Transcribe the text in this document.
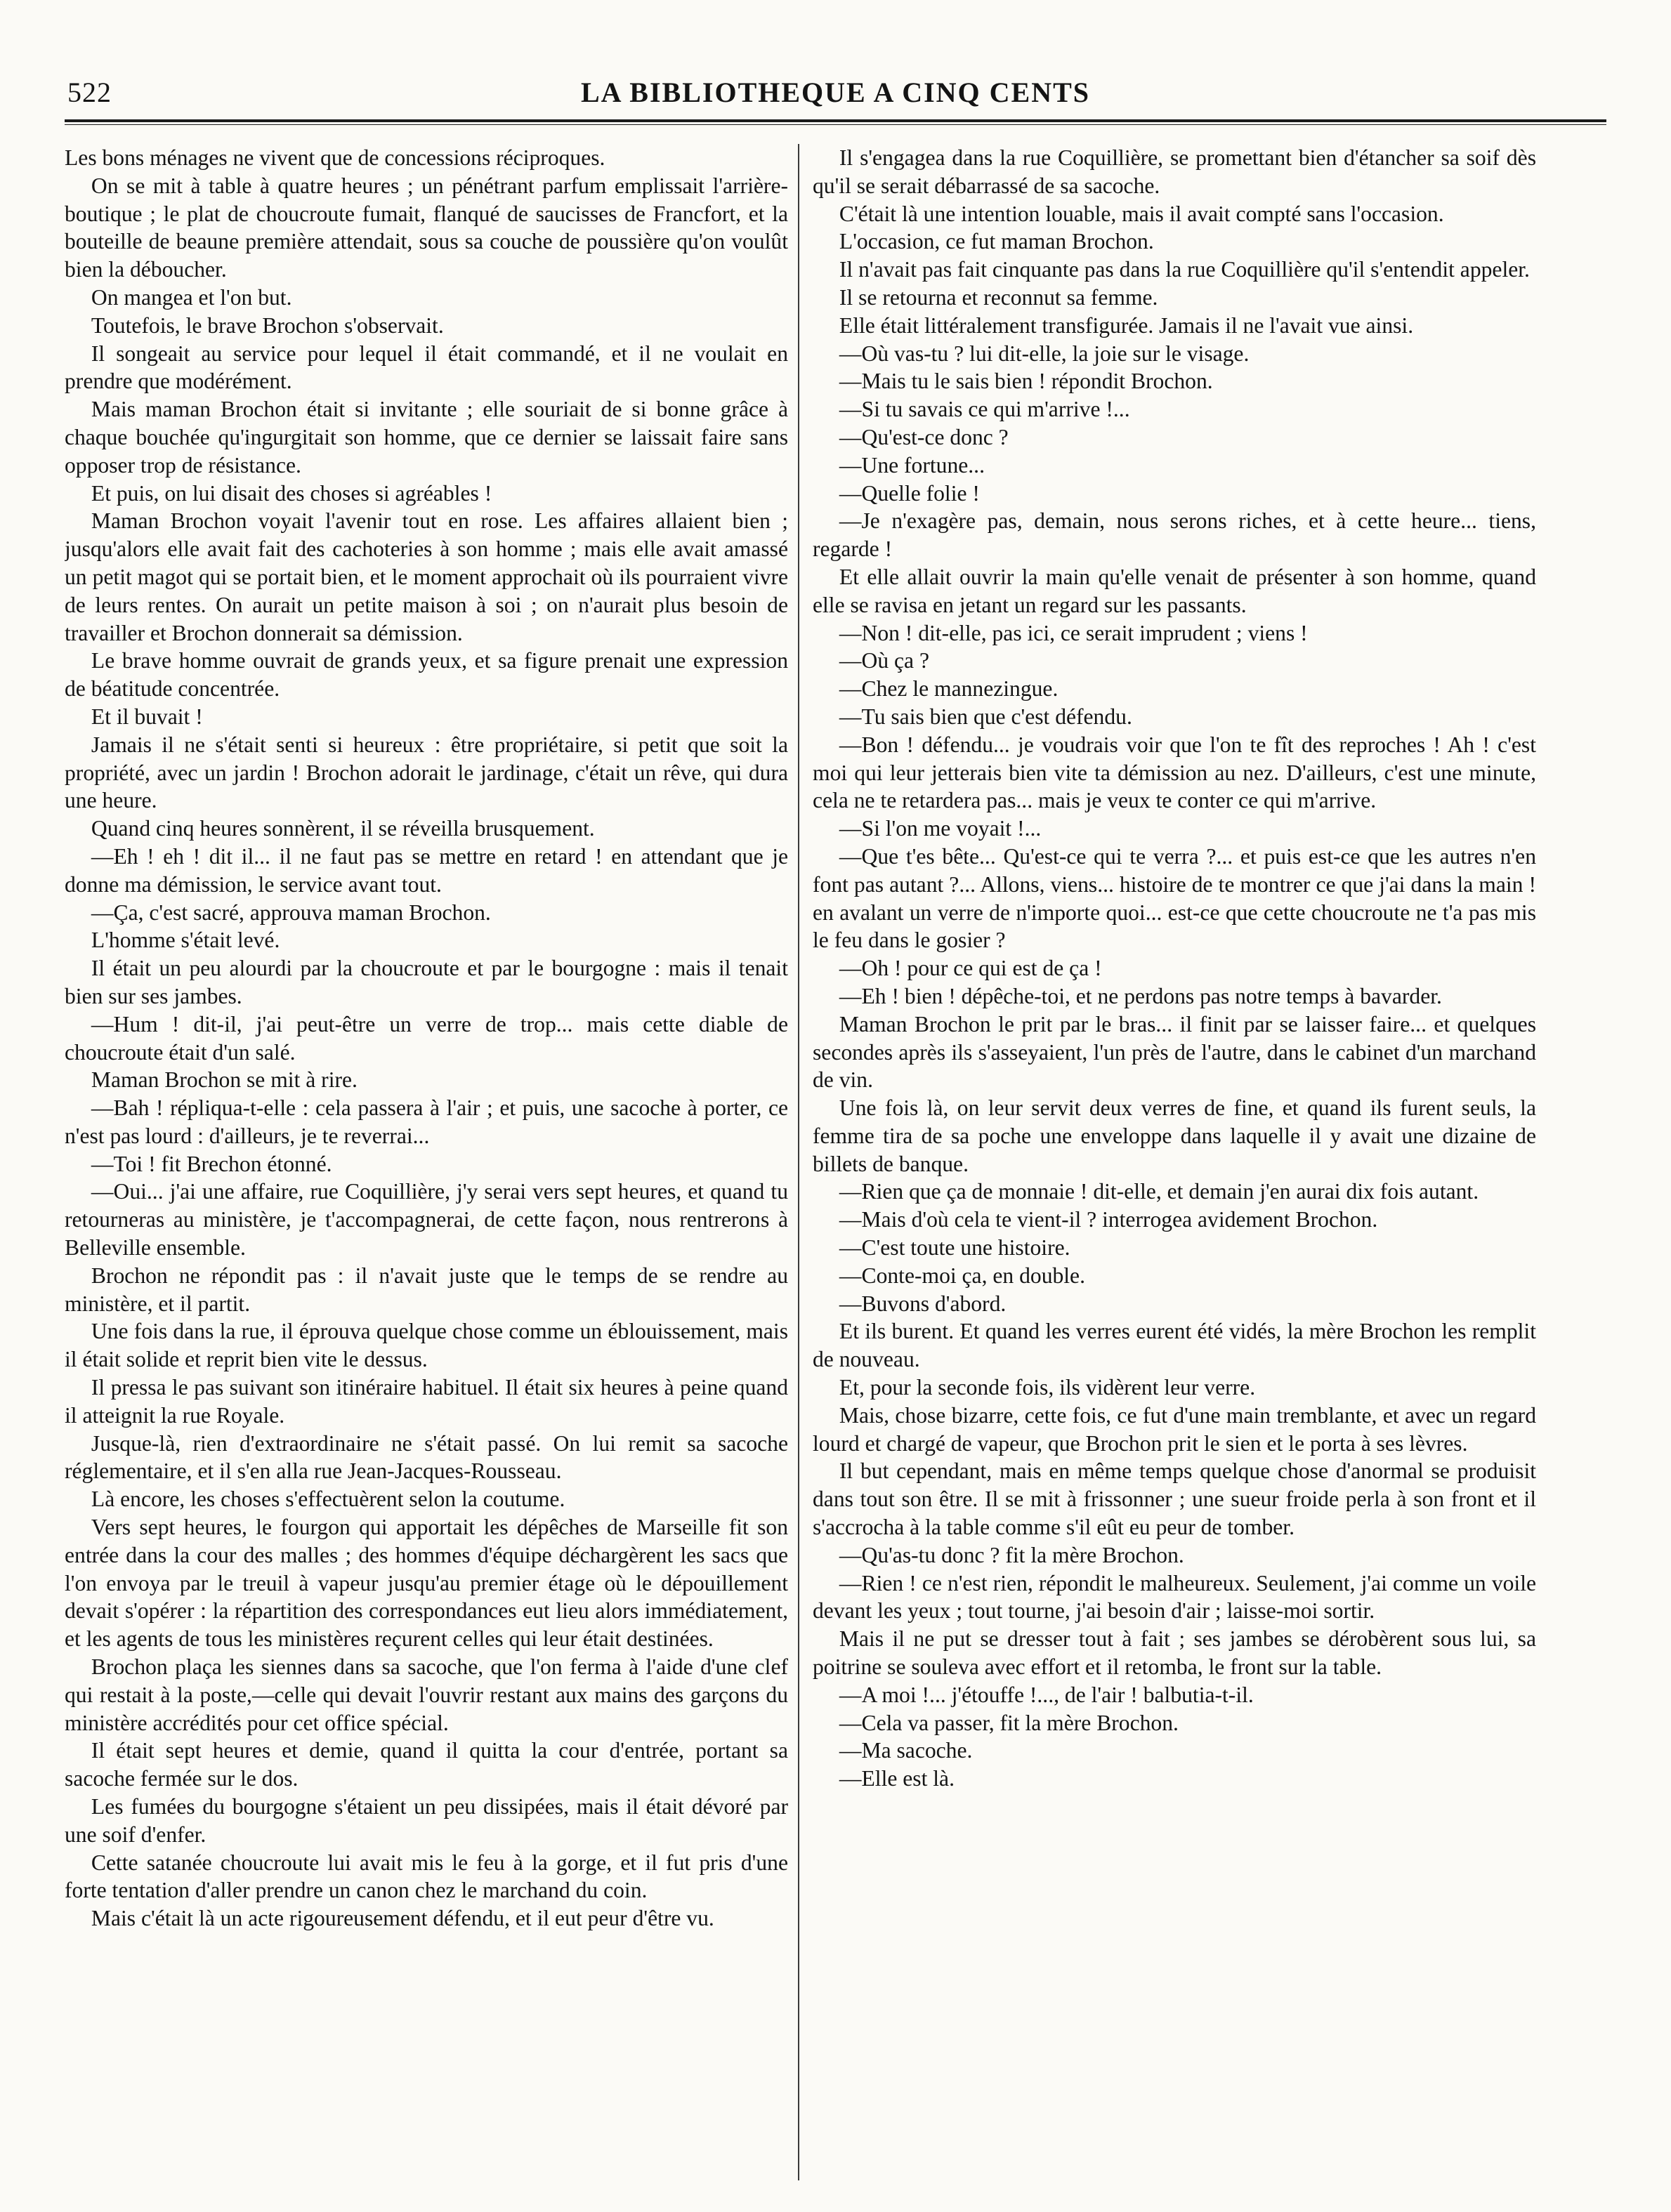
522	LA BIBLIOTHEQUE A CINQ CENTS

Les bons ménages ne vivent que de concessions réciproques.

On se mit à table à quatre heures ; un pénétrant parfum emplissait l'arrière-boutique ; le plat de choucroute fumait, flanqué de saucisses de Francfort, et la bouteille de beaune première attendait, sous sa couche de poussière qu'on voulût bien la déboucher.

On mangea et l'on but.

Toutefois, le brave Brochon s'observait.

Il songeait au service pour lequel il était commandé, et il ne voulait en prendre que modérément.

Mais maman Brochon était si invitante ; elle souriait de si bonne grâce à chaque bouchée qu'ingurgitait son homme, que ce dernier se laissait faire sans opposer trop de résistance.

Et puis, on lui disait des choses si agréables !

Maman Brochon voyait l'avenir tout en rose. Les affaires allaient bien ; jusqu'alors elle avait fait des cachoteries à son homme ; mais elle avait amassé un petit magot qui se portait bien, et le moment approchait où ils pourraient vivre de leurs rentes. On aurait un petite maison à soi ; on n'aurait plus besoin de travailler et Brochon donnerait sa démission.

Le brave homme ouvrait de grands yeux, et sa figure prenait une expression de béatitude concentrée.

Et il buvait !

Jamais il ne s'était senti si heureux : être propriétaire, si petit que soit la propriété, avec un jardin ! Brochon adorait le jardinage, c'était un rêve, qui dura une heure.

Quand cinq heures sonnèrent, il se réveilla brusquement.

—Eh ! eh ! dit il... il ne faut pas se mettre en retard ! en attendant que je donne ma démission, le service avant tout.

—Ça, c'est sacré, approuva maman Brochon.

L'homme s'était levé.

Il était un peu alourdi par la choucroute et par le bourgogne : mais il tenait bien sur ses jambes.

—Hum ! dit-il, j'ai peut-être un verre de trop... mais cette diable de choucroute était d'un salé.

Maman Brochon se mit à rire.

—Bah ! répliqua-t-elle : cela passera à l'air ; et puis, une sacoche à porter, ce n'est pas lourd : d'ailleurs, je te reverrai...

—Toi ! fit Brechon étonné.

—Oui... j'ai une affaire, rue Coquillière, j'y serai vers sept heures, et quand tu retourneras au ministère, je t'accompagnerai, de cette façon, nous rentrerons à Belleville ensemble.

Brochon ne répondit pas : il n'avait juste que le temps de se rendre au ministère, et il partit.

Une fois dans la rue, il éprouva quelque chose comme un éblouissement, mais il était solide et reprit bien vite le dessus.

Il pressa le pas suivant son itinéraire habituel. Il était six heures à peine quand il atteignit la rue Royale.

Jusque-là, rien d'extraordinaire ne s'était passé. On lui remit sa sacoche réglementaire, et il s'en alla rue Jean-Jacques-Rousseau.

Là encore, les choses s'effectuèrent selon la coutume.

Vers sept heures, le fourgon qui apportait les dépêches de Marseille fit son entrée dans la cour des malles ; des hommes d'équipe déchargèrent les sacs que l'on envoya par le treuil à vapeur jusqu'au premier étage où le dépouillement devait s'opérer : la répartition des correspondances eut lieu alors immédiatement, et les agents de tous les ministères reçurent celles qui leur était destinées.

Brochon plaça les siennes dans sa sacoche, que l'on ferma à l'aide d'une clef qui restait à la poste,—celle qui devait l'ouvrir restant aux mains des garçons du ministère accrédités pour cet office spécial.

Il était sept heures et demie, quand il quitta la cour d'entrée, portant sa sacoche fermée sur le dos.

Les fumées du bourgogne s'étaient un peu dissipées, mais il était dévoré par une soif d'enfer.

Cette satanée choucroute lui avait mis le feu à la gorge, et il fut pris d'une forte tentation d'aller prendre un canon chez le marchand du coin.

Mais c'était là un acte rigoureusement défendu, et il eut peur d'être vu.

Il s'engagea dans la rue Coquillière, se promettant bien d'étancher sa soif dès qu'il se serait débarrassé de sa sacoche.

C'était là une intention louable, mais il avait compté sans l'occasion.

L'occasion, ce fut maman Brochon.

Il n'avait pas fait cinquante pas dans la rue Coquillière qu'il s'entendit appeler.

Il se retourna et reconnut sa femme.

Elle était littéralement transfigurée. Jamais il ne l'avait vue ainsi.

—Où vas-tu ? lui dit-elle, la joie sur le visage.

—Mais tu le sais bien ! répondit Brochon.

—Si tu savais ce qui m'arrive !...

—Qu'est-ce donc ?

—Une fortune...

—Quelle folie !

—Je n'exagère pas, demain, nous serons riches, et à cette heure... tiens, regarde !

Et elle allait ouvrir la main qu'elle venait de présenter à son homme, quand elle se ravisa en jetant un regard sur les passants.

—Non ! dit-elle, pas ici, ce serait imprudent ; viens !

—Où ça ?

—Chez le mannezingue.

—Tu sais bien que c'est défendu.

—Bon ! défendu... je voudrais voir que l'on te fît des reproches ! Ah ! c'est moi qui leur jetterais bien vite ta démission au nez. D'ailleurs, c'est une minute, cela ne te retardera pas... mais je veux te conter ce qui m'arrive.

—Si l'on me voyait !...

—Que t'es bête... Qu'est-ce qui te verra ?... et puis est-ce que les autres n'en font pas autant ?... Allons, viens... histoire de te montrer ce que j'ai dans la main ! en avalant un verre de n'importe quoi... est-ce que cette choucroute ne t'a pas mis le feu dans le gosier ?

—Oh ! pour ce qui est de ça !

—Eh ! bien ! dépêche-toi, et ne perdons pas notre temps à bavarder.

Maman Brochon le prit par le bras... il finit par se laisser faire... et quelques secondes après ils s'asseyaient, l'un près de l'autre, dans le cabinet d'un marchand de vin.

Une fois là, on leur servit deux verres de fine, et quand ils furent seuls, la femme tira de sa poche une enveloppe dans laquelle il y avait une dizaine de billets de banque.

—Rien que ça de monnaie ! dit-elle, et demain j'en aurai dix fois autant.

—Mais d'où cela te vient-il ? interrogea avidement Brochon.

—C'est toute une histoire.

—Conte-moi ça, en double.

—Buvons d'abord.

Et ils burent. Et quand les verres eurent été vidés, la mère Brochon les remplit de nouveau.

Et, pour la seconde fois, ils vidèrent leur verre.

Mais, chose bizarre, cette fois, ce fut d'une main tremblante, et avec un regard lourd et chargé de vapeur, que Brochon prit le sien et le porta à ses lèvres.

Il but cependant, mais en même temps quelque chose d'anormal se produisit dans tout son être. Il se mit à frissonner ; une sueur froide perla à son front et il s'accrocha à la table comme s'il eût eu peur de tomber.

—Qu'as-tu donc ? fit la mère Brochon.

—Rien ! ce n'est rien, répondit le malheureux. Seulement, j'ai comme un voile devant les yeux ; tout tourne, j'ai besoin d'air ; laisse-moi sortir.

Mais il ne put se dresser tout à fait ; ses jambes se dérobèrent sous lui, sa poitrine se souleva avec effort et il retomba, le front sur la table.

—A moi !... j'étouffe !..., de l'air ! balbutia-t-il.

—Cela va passer, fit la mère Brochon.

—Ma sacoche.

—Elle est là.
